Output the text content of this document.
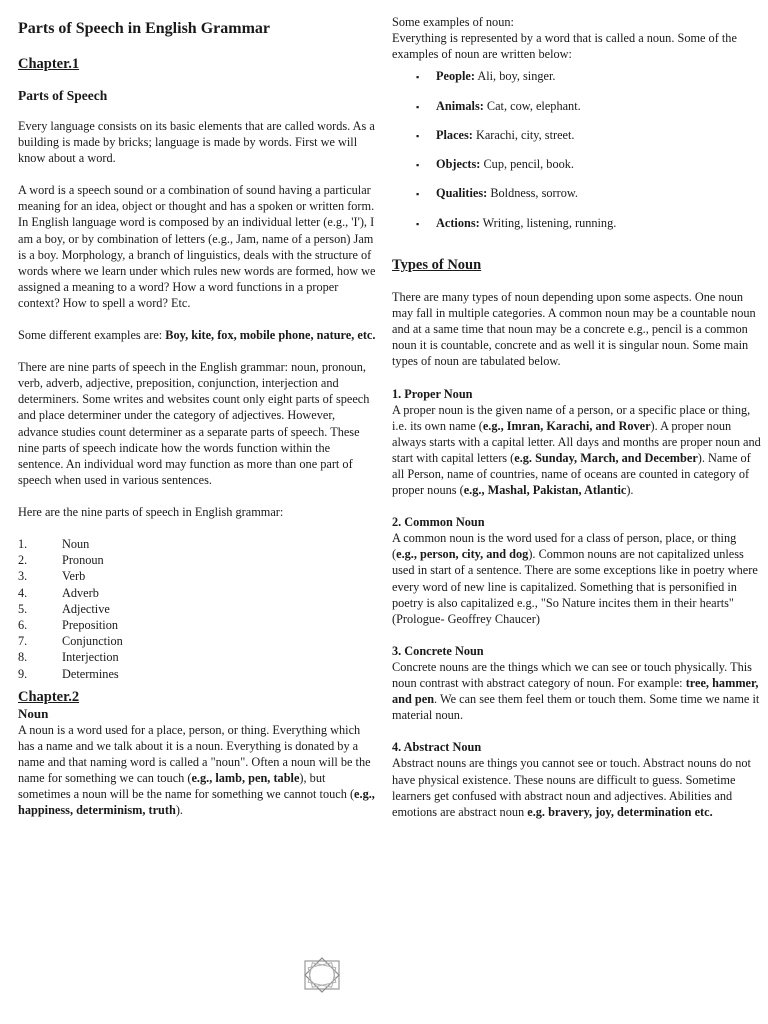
Parts of Speech in English Grammar
Chapter.1
Parts of Speech

Every language consists on its basic elements that are called words. As a building is made by bricks; language is made by words. First we will know about a word.

A word is a speech sound or a combination of sound having a particular meaning for an idea, object or thought and has a spoken or written form. In English language word is composed by an individual letter (e.g., 'I'), I am a boy, or by combination of letters (e.g., Jam, name of a person) Jam is a boy. Morphology, a branch of linguistics, deals with the structure of words where we learn under which rules new words are formed, how we assigned a meaning to a word? How a word functions in a proper context? How to spell a word? Etc.

Some different examples are: Boy, kite, fox, mobile phone, nature, etc.

There are nine parts of speech in the English grammar: noun, pronoun, verb, adverb, adjective, preposition, conjunction, interjection and determiners. Some writes and websites count only eight parts of speech and place determiner under the category of adjectives. However, advance studies count determiner as a separate parts of speech. These nine parts of speech indicate how the words function within the sentence. An individual word may function as more than one part of speech when used in various sentences.

Here are the nine parts of speech in English grammar:

1.	Noun
2.	Pronoun
3.	Verb
4.	Adverb
5.	Adjective
6.	Preposition
7.	Conjunction
8.	Interjection
9.	Determines
Chapter.2
Noun

A noun is a word used for a place, person, or thing. Everything which has a name and we talk about it is a noun. Everything is donated by a name and that naming word is called a "noun". Often a noun will be the name for something we can touch (e.g., lamb, pen, table), but sometimes a noun will be the name for something we cannot touch (e.g., happiness, determinism, truth).

Some examples of noun:

Everything is represented by a word that is called a noun. Some of the examples of noun are written below:

▪	People: Ali, boy, singer.
▪	Animals: Cat, cow, elephant.
▪	Places: Karachi, city, street.
▪	Objects: Cup, pencil, book.
▪	Qualities: Boldness, sorrow.
▪	Actions: Writing, listening, running.
Types of Noun

There are many types of noun depending upon some aspects. One noun may fall in multiple categories. A common noun may be a countable noun and at a same time that noun may be a concrete e.g., pencil is a common noun it is countable, concrete and as well it is singular noun. Some main types of noun are tabulated below.

1. Proper Noun

A proper noun is the given name of a person, or a specific place or thing, i.e. its own name (e.g., Imran, Karachi, and Rover). A proper noun always starts with a capital letter. All days and months are proper noun and start with capital letters (e.g. Sunday, March, and December). Name of all Person, name of countries, name of oceans are counted in category of proper nouns (e.g., Mashal, Pakistan, Atlantic).

2. Common Noun

A common noun is the word used for a class of person, place, or thing (e.g., person, city, and dog). Common nouns are not capitalized unless used in start of a sentence. There are some exceptions like in poetry where every word of new line is capitalized. Something that is personified in poetry is also capitalized e.g., "So Nature incites them in their hearts" (Prologue- Geoffrey Chaucer)

3. Concrete Noun

Concrete nouns are the things which we can see or touch physically. This noun contrast with abstract category of noun. For example: tree, hammer, and pen. We can see them feel them or touch them. Some time we name it material noun.

4. Abstract Noun

Abstract nouns are things you cannot see or touch. Abstract nouns do not have physical existence. These nouns are difficult to guess. Sometime learners get confused with abstract noun and adjectives. Abilities and emotions are abstract noun e.g. bravery, joy, determination etc.
